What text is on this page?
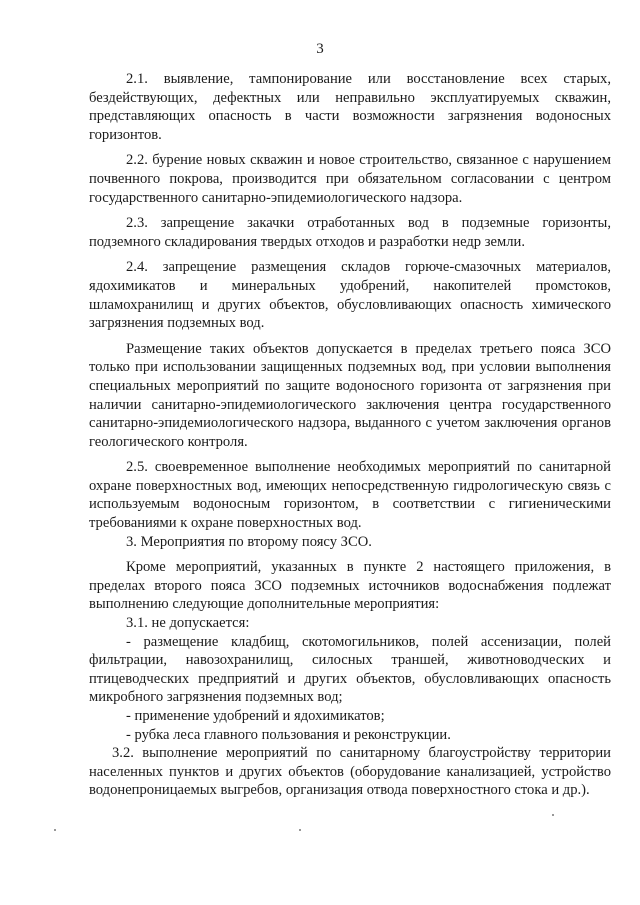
3

2.1. выявление, тампонирование или восстановление всех старых, бездействующих, дефектных или неправильно эксплуатируемых скважин, представляющих опасность в части возможности загрязнения водоносных горизонтов.

2.2. бурение новых скважин и новое строительство, связанное с нарушением почвенного покрова, производится при обязательном согласовании с центром государственного санитарно-эпидемиологического надзора.

2.3. запрещение закачки отработанных вод в подземные горизонты, подземного складирования твердых отходов и разработки недр земли.

2.4. запрещение размещения складов горюче-смазочных материалов, ядохимикатов и минеральных удобрений, накопителей промстоков, шламохранилищ и других объектов, обусловливающих опасность химического загрязнения подземных вод.

Размещение таких объектов допускается в пределах третьего пояса ЗСО только при использовании защищенных подземных вод, при условии выполнения специальных мероприятий по защите водоносного горизонта от загрязнения при наличии санитарно-эпидемиологического заключения центра государственного санитарно-эпидемиологического надзора, выданного с учетом заключения органов геологического контроля.

2.5. своевременное выполнение необходимых мероприятий по санитарной охране поверхностных вод, имеющих непосредственную гидрологическую связь с используемым водоносным горизонтом, в соответствии с гигиеническими требованиями к охране поверхностных вод.

3. Мероприятия по второму поясу ЗСО.

Кроме мероприятий, указанных в пункте 2 настоящего приложения, в пределах второго пояса ЗСО подземных источников водоснабжения подлежат выполнению следующие дополнительные мероприятия:

3.1. не допускается:

- размещение кладбищ, скотомогильников, полей ассенизации, полей фильтрации, навозохранилищ, силосных траншей, животноводческих и птицеводческих предприятий и других объектов, обусловливающих опасность микробного загрязнения подземных вод;

- применение удобрений и ядохимикатов;

- рубка леса главного пользования и реконструкции.

3.2. выполнение мероприятий по санитарному благоустройству территории населенных пунктов и других объектов (оборудование канализацией, устройство водонепроницаемых выгребов, организация отвода поверхностного стока и др.).
